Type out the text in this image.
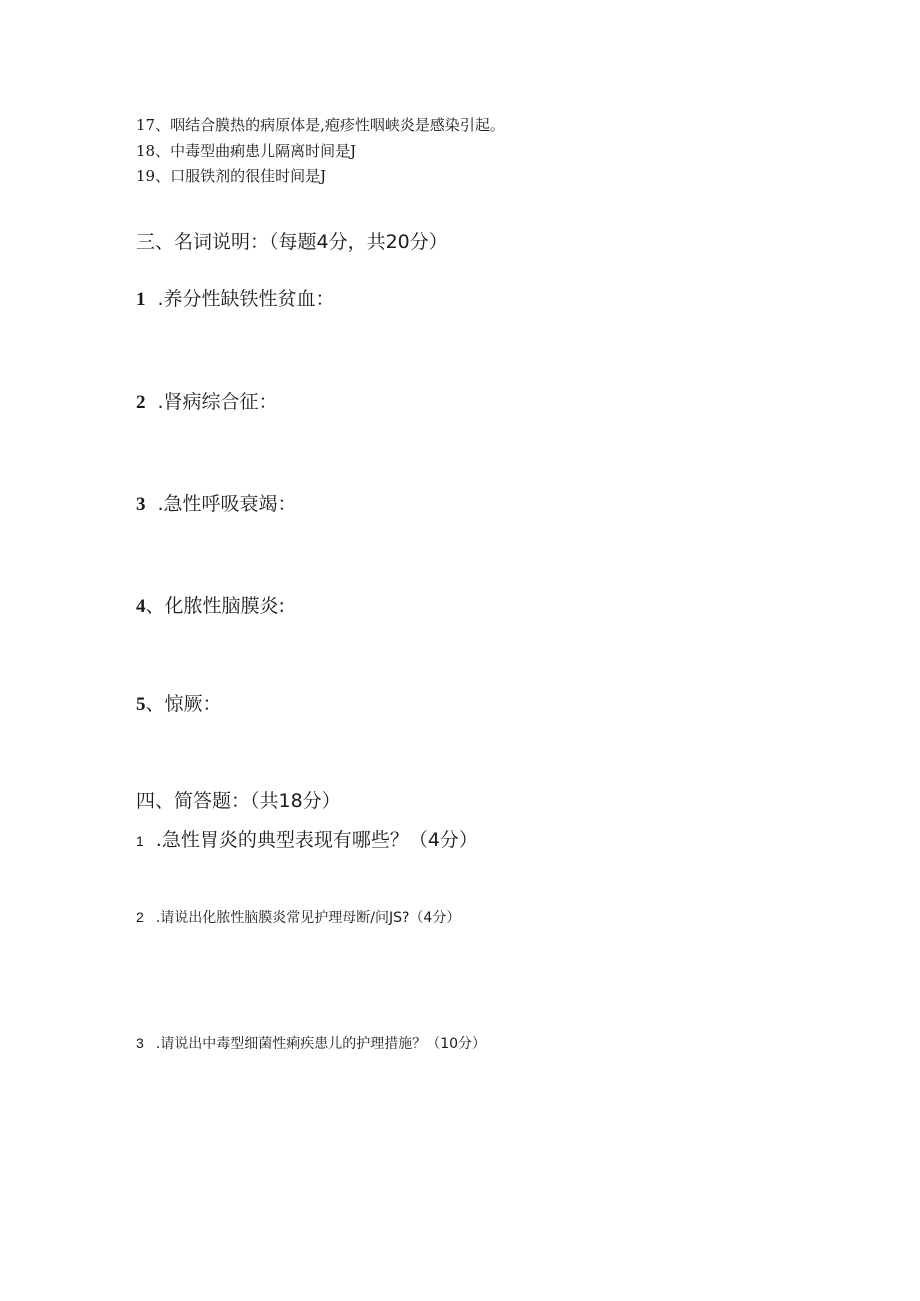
17、咽结合膜热的病原体是,疱疹性咽峡炎是感染引起。
18、中毒型曲痢患儿隔离时间是J
19、口服铁剂的很佳时间是J
三、名词说明：（每题4分，共20分）
1 .养分性缺铁性贫血：
2 .肾病综合征：
3 .急性呼吸衰竭：
4、化脓性脑膜炎:
5、惊厥：
四、简答题：（共18分）
1 .急性胃炎的典型表现有哪些？（4分）
2 .请说出化脓性脑膜炎常见护理母断/问JS?（4分）
3 .请说出中毒型细菌性痢疾患儿的护理措施？（10分）
